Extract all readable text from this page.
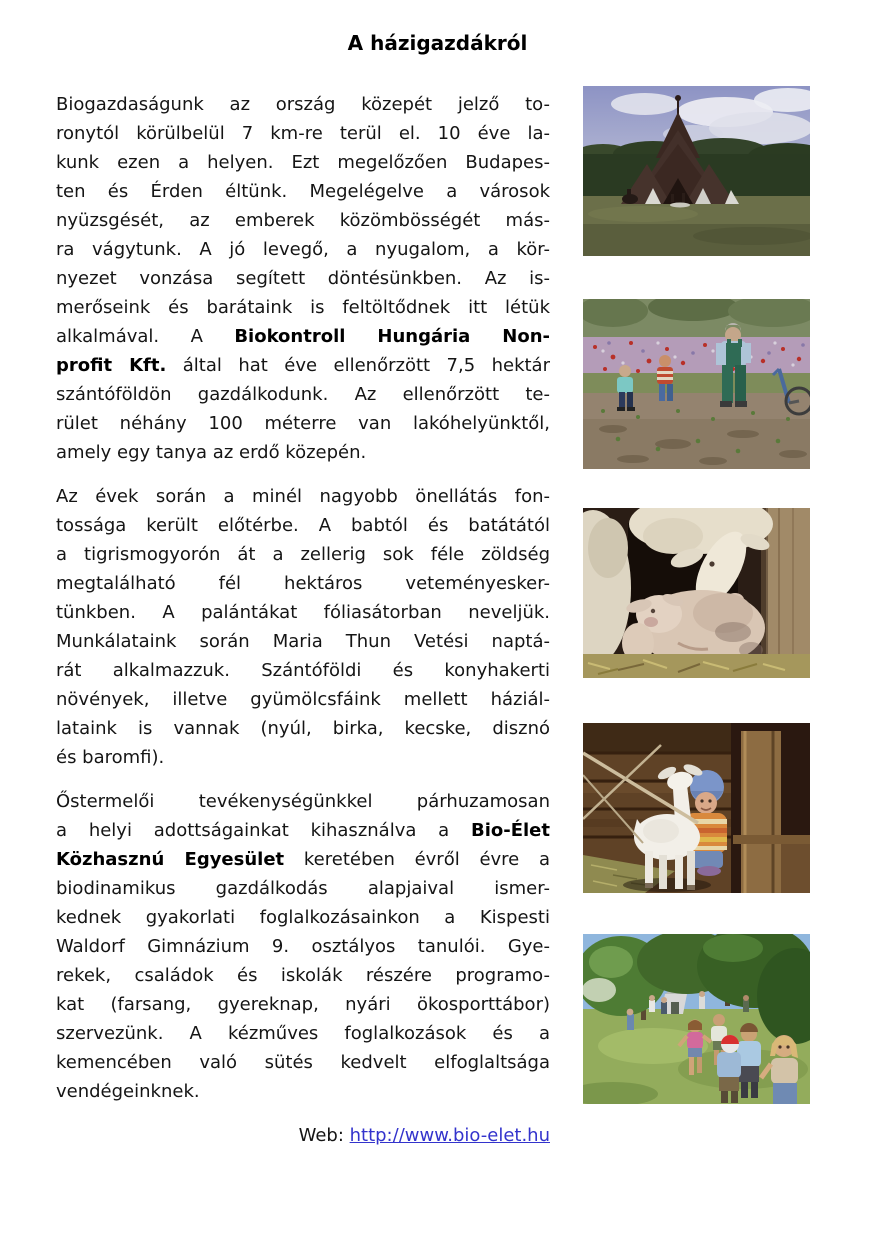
A házigazdákról
Biogazdaságunk az ország közepét jelző to-
ronytól körülbelül 7 km-re terül el. 10 éve la-
kunk ezen a helyen. Ezt megelőzően Budapes-
ten és Érden éltünk. Megelégelve a városok
nyüzsgését, az emberek közömbösségét más-
ra vágytunk. A jó levegő, a nyugalom, a kör-
nyezet vonzása segített döntésünkben. Az is-
merőseink és barátaink is feltöltődnek itt létük
alkalmával. A Biokontroll Hungária Non-
profit Kft. által hat éve ellenőrzött 7,5 hektár
szántóföldön gazdálkodunk. Az ellenőrzött te-
rület néhány 100 méterre van lakóhelyünktől,
amely egy tanya az erdő közepén.
Az évek során a minél nagyobb önellátás fon-
tossága került előtérbe. A babtól és batátától
a tigrismogyorón át a zellerig sok féle zöldség
megtalálható fél hektáros veteményesker-
tünkben. A palántákat fóliasátorban neveljük.
Munkálataink során Maria Thun Vetési naptá-
rát alkalmazzuk. Szántóföldi és konyhakerti
növények, illetve gyümölcsfáink mellett háziál-
lataink is vannak (nyúl, birka, kecske, disznó
és baromfi).
Őstermelői tevékenységünkkel párhuzamosan
a helyi adottságainkat kihasználva a Bio-Élet
Közhasznú Egyesület keretében évről évre a
biodinamikus gazdálkodás alapjaival ismer-
kednek gyakorlati foglalkozásainkon a Kispesti
Waldorf Gimnázium 9. osztályos tanulói. Gye-
rekek, családok és iskolák részére programo-
kat (farsang, gyereknap, nyári ökosporttábor)
szervezünk. A kézműves foglalkozások és a
kemencében való sütés kedvelt elfoglaltsága
vendégeinknek.
Web: http://www.bio-elet.hu
